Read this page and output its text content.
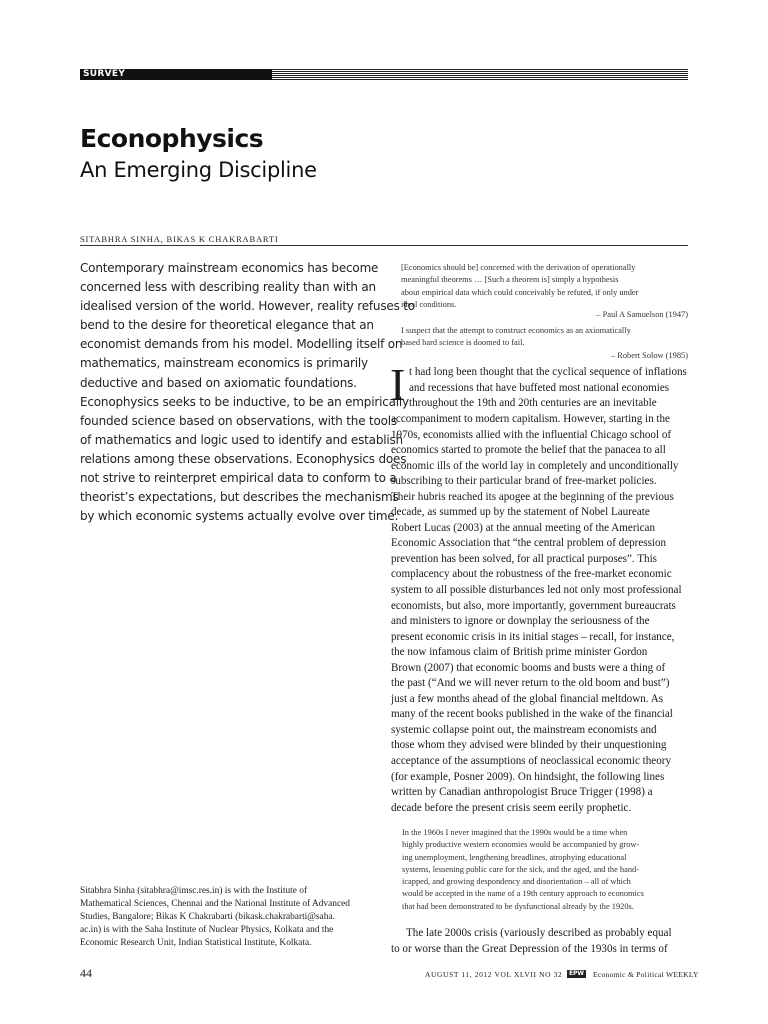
SURVEY
Econophysics
An Emerging Discipline
SITABHRA SINHA, BIKAS K CHAKRABARTI
Contemporary mainstream economics has become
concerned less with describing reality than with an
idealised version of the world. However, reality refuses to
bend to the desire for theoretical elegance that an
economist demands from his model. Modelling itself on
mathematics, mainstream economics is primarily
deductive and based on axiomatic foundations.
Econophysics seeks to be inductive, to be an empirically
founded science based on observations, with the tools
of mathematics and logic used to identify and establish
relations among these observations. Econophysics does
not strive to reinterpret empirical data to conform to a
theorist’s expectations, but describes the mechanisms
by which economic systems actually evolve over time.
Sitabhra Sinha (sitabhra@imsc.res.in) is with the Institute of
Mathematical Sciences, Chennai and the National Institute of Advanced
Studies, Bangalore; Bikas K Chakrabarti (bikask.chakrabarti@saha.
ac.in) is with the Saha Institute of Nuclear Physics, Kolkata and the
Economic Research Unit, Indian Statistical Institute, Kolkata.
[Economics should be] concerned with the derivation of operationally
meaningful theorems … [Such a theorem is] simply a hypothesis
about empirical data which could conceivably be refuted, if only under
ideal conditions.
– Paul A Samuelson (1947)
I suspect that the attempt to construct economics as an axiomatically
based hard science is doomed to fail.
– Robert Solow (1985)
I t had long been thought that the cyclical sequence of inflations
and recessions that have buffeted most national economies
throughout the 19th and 20th centuries are an inevitable
accompaniment to modern capitalism. However, starting in the
1970s, economists allied with the influential Chicago school of
economics started to promote the belief that the panacea to all
economic ills of the world lay in completely and unconditionally
subscribing to their particular brand of free-market policies.
Their hubris reached its apogee at the beginning of the previous
decade, as summed up by the statement of Nobel Laureate
Robert Lucas (2003) at the annual meeting of the American
Economic Association that “the central problem of depression
prevention has been solved, for all practical purposes”. This
complacency about the robustness of the free-market economic
system to all possible disturbances led not only most professional
economists, but also, more importantly, government bureaucrats
and ministers to ignore or downplay the seriousness of the
present economic crisis in its initial stages – recall, for instance,
the now infamous claim of British prime minister Gordon
Brown (2007) that economic booms and busts were a thing of
the past (“And we will never return to the old boom and bust”)
just a few months ahead of the global financial meltdown. As
many of the recent books published in the wake of the financial
systemic collapse point out, the mainstream economists and
those whom they advised were blinded by their unquestioning
acceptance of the assumptions of neoclassical economic theory
(for example, Posner 2009). On hindsight, the following lines
written by Canadian anthropologist Bruce Trigger (1998) a
decade before the present crisis seem eerily prophetic.
In the 1960s I never imagined that the 1990s would be a time when
highly productive western economies would be accompanied by grow-
ing unemployment, lengthening breadlines, atrophying educational
systems, lessening public care for the sick, and the aged, and the hand-
icapped, and growing despondency and disorientation – all of which
would be accepted in the name of a 19th century approach to economics
that had been demonstrated to be dysfunctional already by the 1920s.
The late 2000s crisis (variously described as probably equal
to or worse than the Great Depression of the 1930s in terms of
44	AUGUST 11, 2012 VOL XLVII NO 32	EPW Economic & Political WEEKLY
